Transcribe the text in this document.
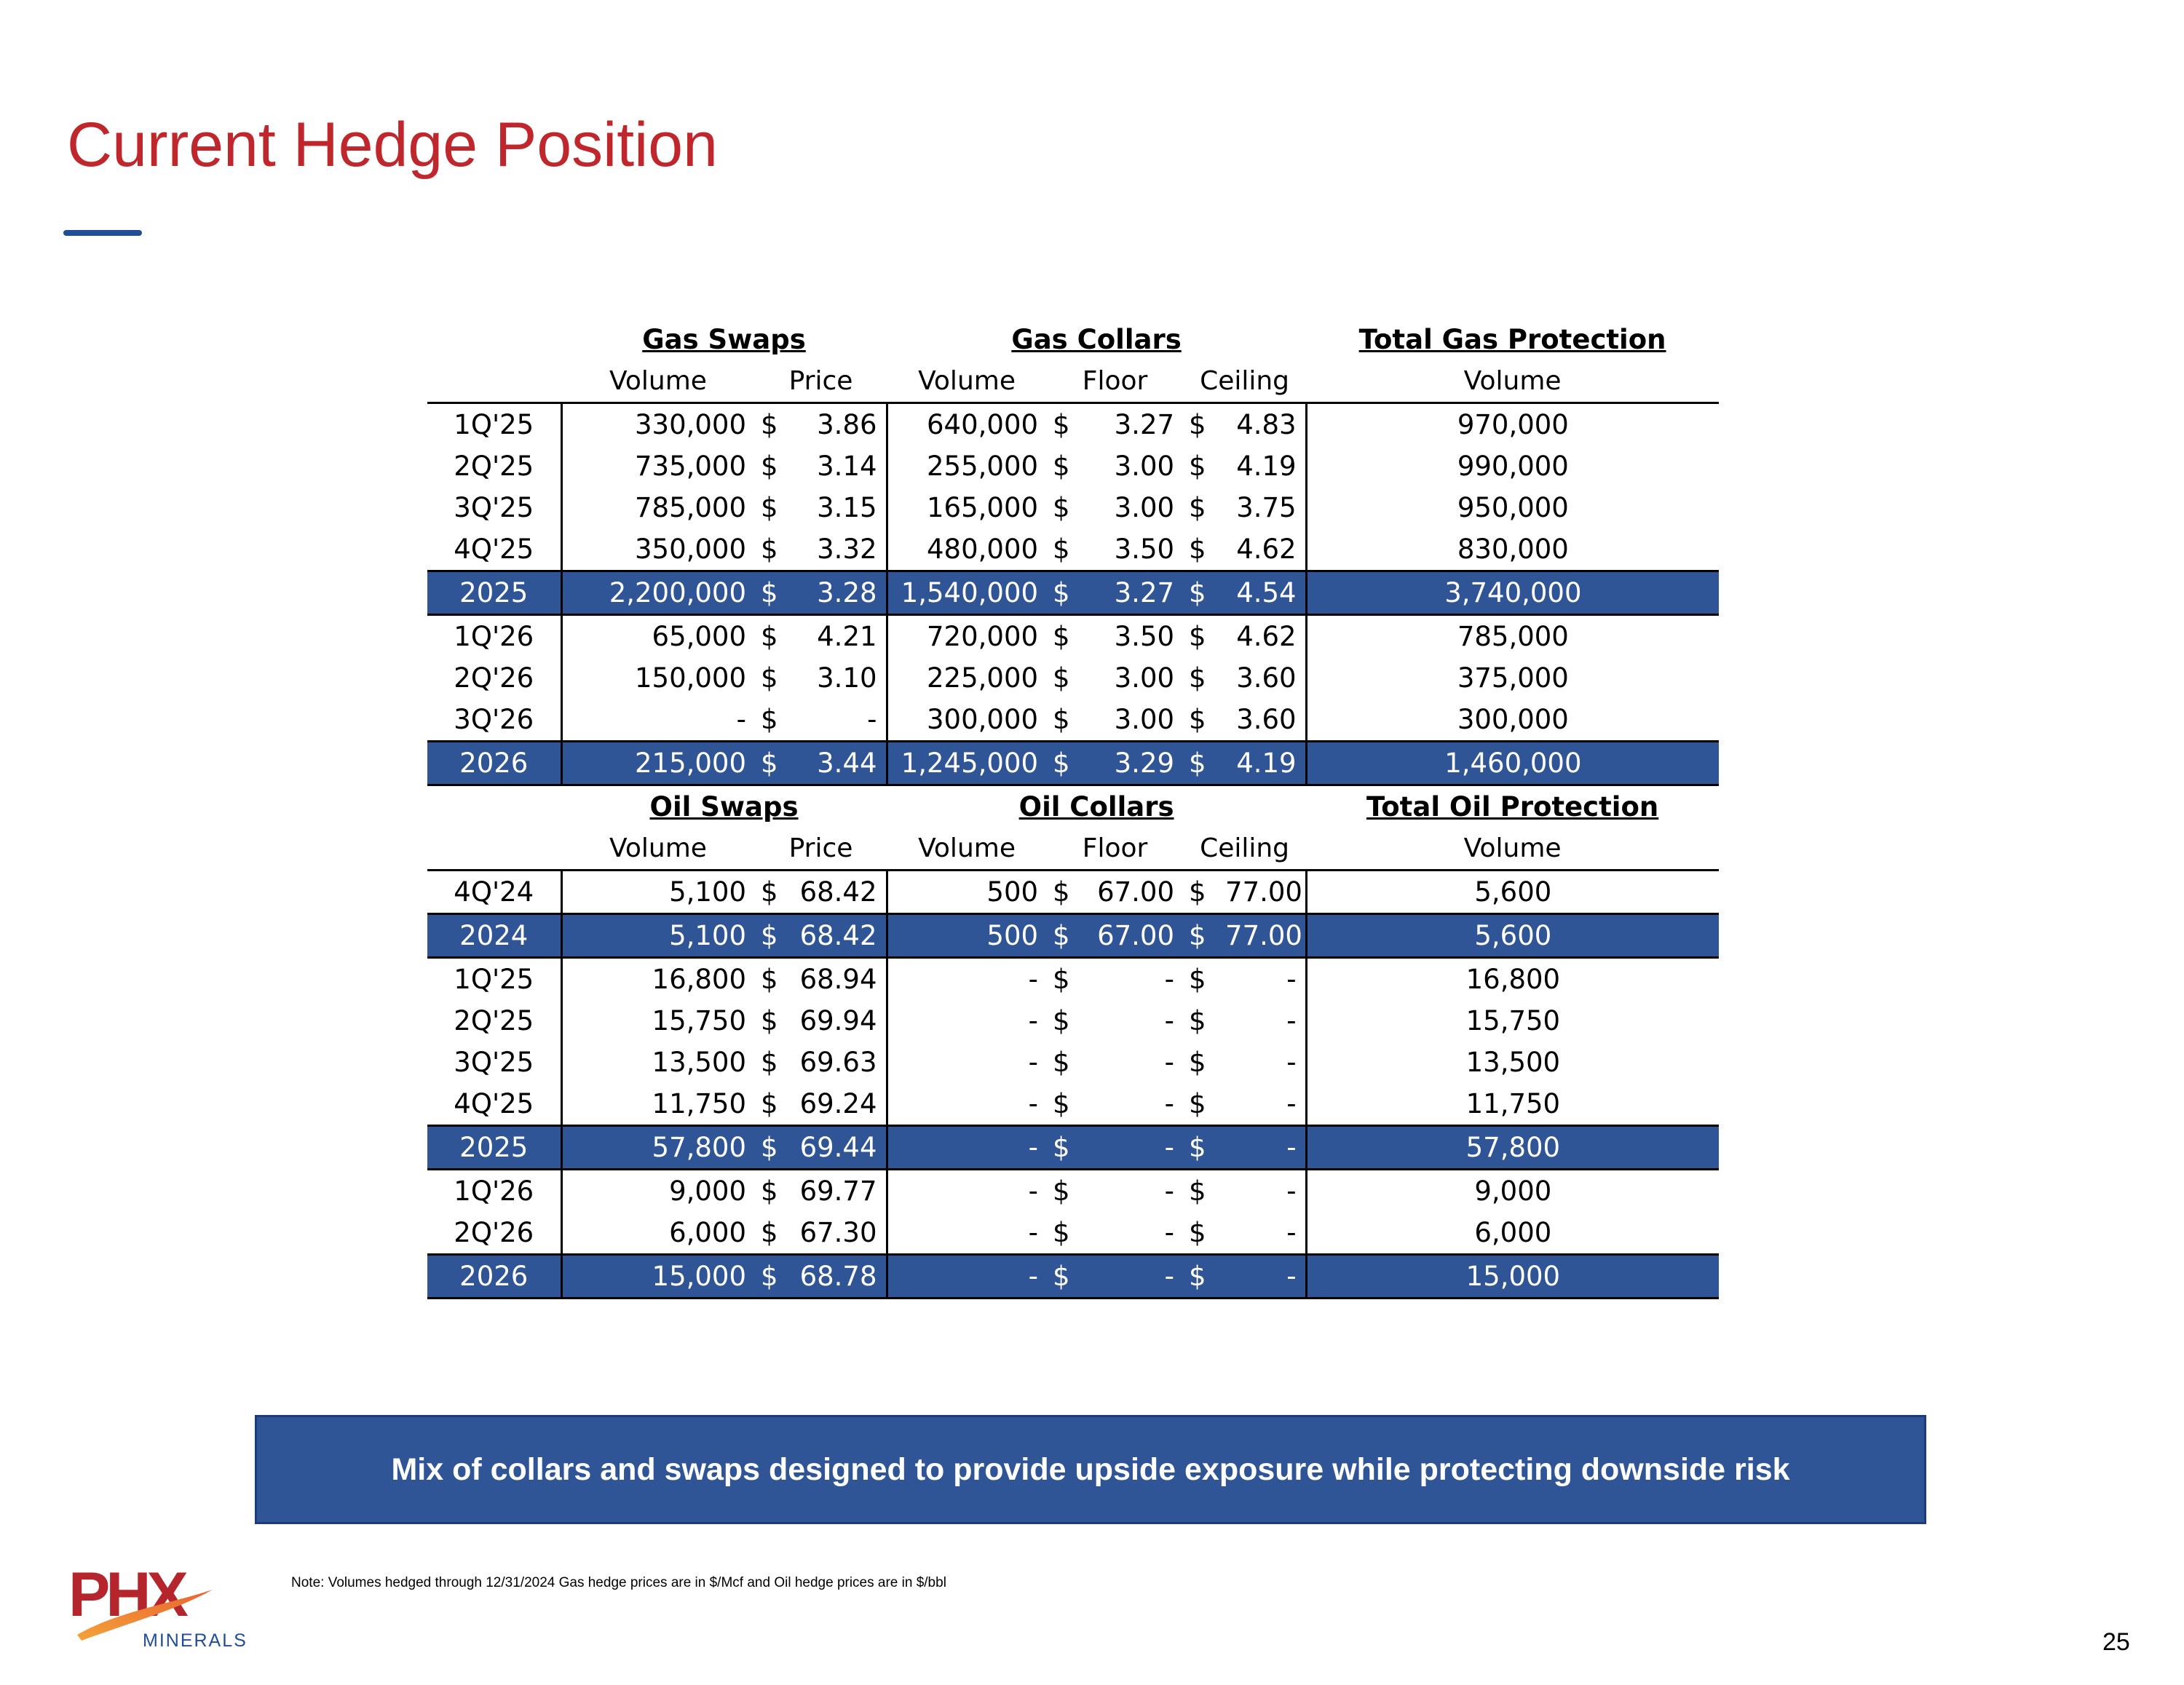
Current Hedge Position
	Gas Swaps			Gas Collars					Total Gas Protection
	Volume	Price		Volume	Floor		Ceiling		Volume
1Q'25	330,000	$	3.86	640,000	$	3.27	$	4.83	970,000
2Q'25	735,000	$	3.14	255,000	$	3.00	$	4.19	990,000
3Q'25	785,000	$	3.15	165,000	$	3.00	$	3.75	950,000
4Q'25	350,000	$	3.32	480,000	$	3.50	$	4.62	830,000
2025	2,200,000	$	3.28	1,540,000	$	3.27	$	4.54	3,740,000
1Q'26	65,000	$	4.21	720,000	$	3.50	$	4.62	785,000
2Q'26	150,000	$	3.10	225,000	$	3.00	$	3.60	375,000
3Q'26	-	$	-	300,000	$	3.00	$	3.60	300,000
2026	215,000	$	3.44	1,245,000	$	3.29	$	4.19	1,460,000
	Oil Swaps			Oil Collars					Total Oil Protection
	Volume	Price		Volume	Floor		Ceiling		Volume
4Q'24	5,100	$	68.42	500	$	67.00	$	77.00	5,600
2024	5,100	$	68.42	500	$	67.00	$	77.00	5,600
1Q'25	16,800	$	68.94	-	$	-	$	-	16,800
2Q'25	15,750	$	69.94	-	$	-	$	-	15,750
3Q'25	13,500	$	69.63	-	$	-	$	-	13,500
4Q'25	11,750	$	69.24	-	$	-	$	-	11,750
2025	57,800	$	69.44	-	$	-	$	-	57,800
1Q'26	9,000	$	69.77	-	$	-	$	-	9,000
2Q'26	6,000	$	67.30	-	$	-	$	-	6,000
2026	15,000	$	68.78	-	$	-	$	-	15,000
Mix of collars and swaps designed to provide upside exposure while protecting downside risk
PHX
MINERALS
Note: Volumes hedged through 12/31/2024 Gas hedge prices are in $/Mcf and Oil hedge prices are in $/bbl
25
